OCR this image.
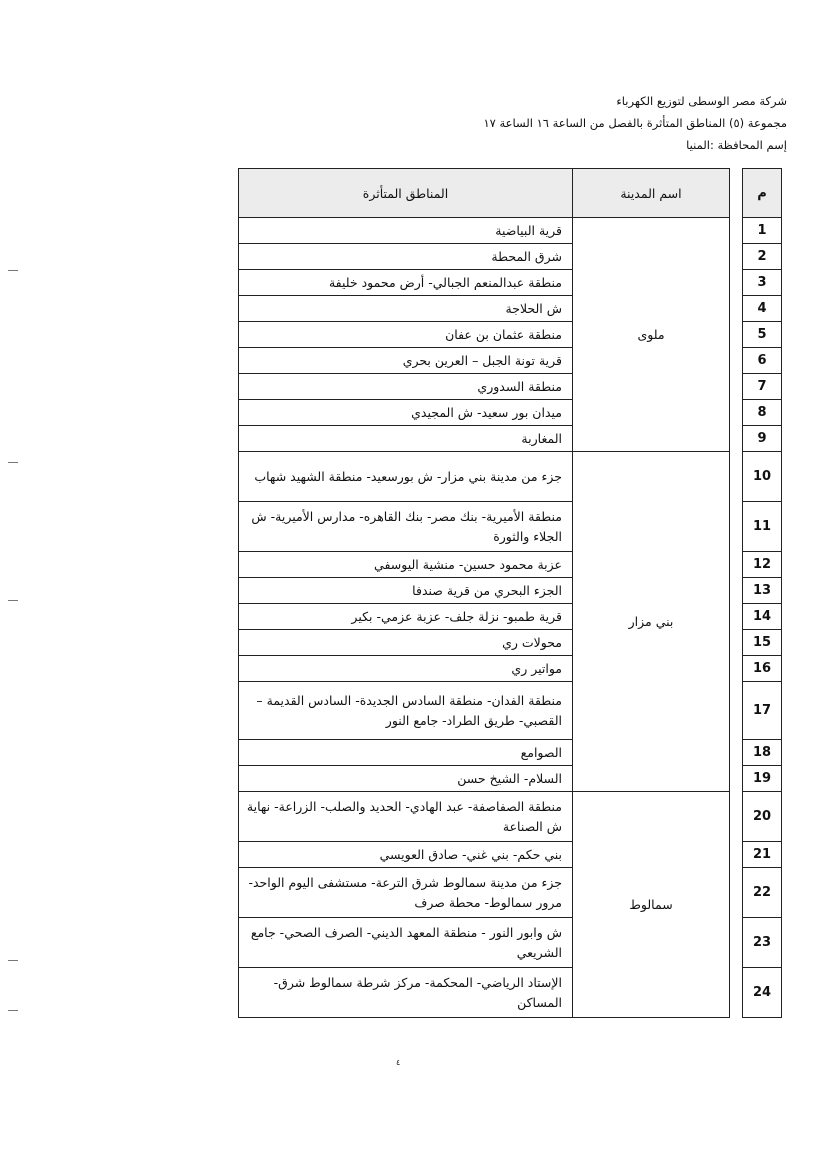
شركة مصر الوسطى لتوزيع الكهرباء
مجموعة (٥) المناطق المتأثرة بالفصل من الساعة ١٦ الساعة ١٧
إسم المحافظة :المنيا
م		اسم المدينة	المناطق المتأثرة
1		ملوى	قرية البياضية
2			شرق المحطة
3			منطقة عبدالمنعم الجبالي- أرض محمود خليفة
4			ش الحلاجة
5			منطقة عثمان بن عفان
6			قرية تونة الجبل – العرين بحري
7			منطقة السدوري
8			ميدان بور سعيد- ش المجيدي
9			المغاربة
10		بني مزار	جزء من مدينة بني مزار- ش بورسعيد- منطقة الشهيد شهاب
11			منطقة الأميرية- بنك مصر- بنك القاهره- مدارس الأميرية- ش الجلاء والثورة
12			عزبة محمود حسين- منشية اليوسفي
13			الجزء البحري من قرية صندفا
14			قرية طمبو- نزلة جلف- عزبة عزمي- بكير
15			محولات ري
16			مواتير ري
17			منطقة الفدان- منطقة السادس الجديدة- السادس القديمة – القصبي- طريق الطراد- جامع النور
18			الصوامع
19			السلام- الشيخ حسن
20		سمالوط	منطقة الصفاصفة- عبد الهادي- الحديد والصلب- الزراعة- نهاية ش الصناعة
21			بني حكم- بني غني- صادق العويسي
22			جزء من مدينة سمالوط شرق الترعة- مستشفى اليوم الواحد- مرور سمالوط- محطة صرف
23			ش وابور النور - منطقة المعهد الديني- الصرف الصحي- جامع الشريعي
24			الإستاد الرياضي- المحكمة- مركز شرطة سمالوط شرق- المساكن
٤
